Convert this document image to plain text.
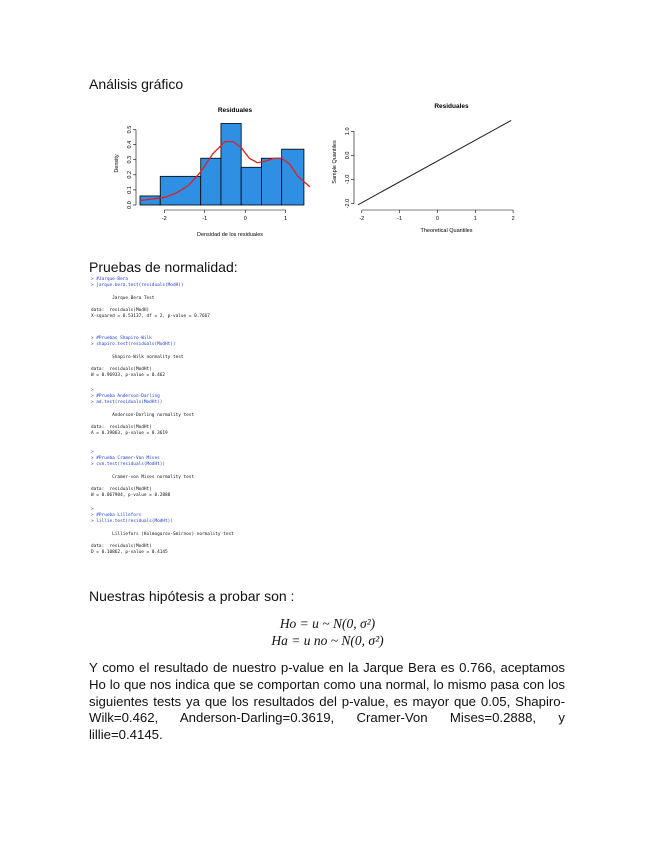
Análisis gráfico
Residuales
0.0
0.1
0.2
0.3
0.4
0.5
Density
-2	-1	0	1
Densidad de los residuales
Residuales
-2.0
-1.0
0.0
1.0
Sample Quantiles
-2	-1	0	1	2
Theoretical Quantiles
Pruebas de normalidad:
> #Jarque-Bera
> jarque.bera.test(residuals(ModH))

Jarque Bera Test

data:  residuals(ModH)
X-squared = 0.53137, df = 2, p-value = 0.7667
> #Pruebas Shapiro-Wilk
> shapiro.test(residuals(ModHt))

Shapiro-Wilk normality test

data:  residuals(ModHt)
W = 0.96933, p-value = 0.462
>
> #Prueba Anderson-Darling
> ad.test(residuals(ModHt))

Anderson-Darling normality test

data:  residuals(ModHt)
A = 0.39063, p-value = 0.3619
>
> #Prueba Cramer-Von Mises
> cvm.test(residuals(ModHt))

Cramer-von Mises normality test

data:  residuals(ModHt)
W = 0.067984, p-value = 0.2888
>
> #Prueba Lillefors
> lillie.test(residuals(ModHt))

Lilliefors (Kolmogorov-Smirnov) normality test

data:  residuals(ModHt)
D = 0.10862, p-value = 0.4145
Nuestras hipótesis a probar son :
Ho = u ~ N(0, σ²)
Ha = u no ~ N(0, σ²)
Y como el resultado de nuestro p-value en la Jarque Bera es 0.766, aceptamos Ho lo que nos indica que se comportan como una normal, lo mismo pasa con los siguientes tests ya que los resultados del p-value, es mayor que 0.05, Shapiro-Wilk=0.462, Anderson-Darling=0.3619, Cramer-Von Mises=0.2888, y lillie=0.4145.
